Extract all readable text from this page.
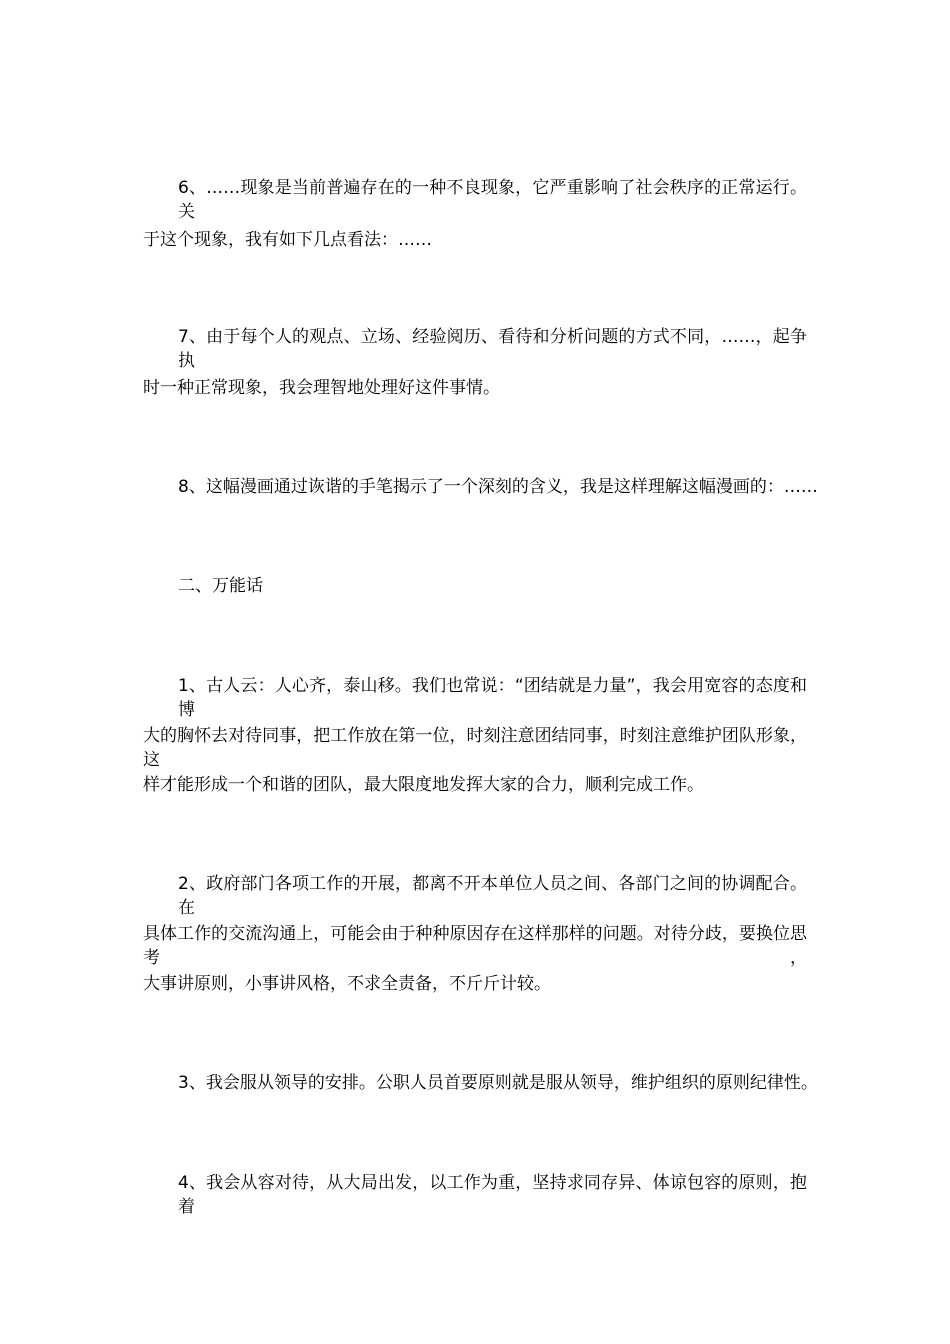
6、……现象是当前普遍存在的一种不良现象，它严重影响了社会秩序的正常运行。关
于这个现象，我有如下几点看法：……
7、由于每个人的观点、立场、经验阅历、看待和分析问题的方式不同，……，起争执
时一种正常现象，我会理智地处理好这件事情。
8、这幅漫画通过诙谐的手笔揭示了一个深刻的含义，我是这样理解这幅漫画的：……
二、万能话
1、古人云：人心齐，泰山移。我们也常说：“团结就是力量”，我会用宽容的态度和博
大的胸怀去对待同事，把工作放在第一位，时刻注意团结同事，时刻注意维护团队形象，这
样才能形成一个和谐的团队，最大限度地发挥大家的合力，顺利完成工作。
2、政府部门各项工作的开展，都离不开本单位人员之间、各部门之间的协调配合。在
具体工作的交流沟通上，可能会由于种种原因存在这样那样的问题。对待分歧，要换位思考，
大事讲原则，小事讲风格，不求全责备，不斤斤计较。
3、我会服从领导的安排。公职人员首要原则就是服从领导，维护组织的原则纪律性。
4、我会从容对待，从大局出发，以工作为重，坚持求同存异、体谅包容的原则，抱着
